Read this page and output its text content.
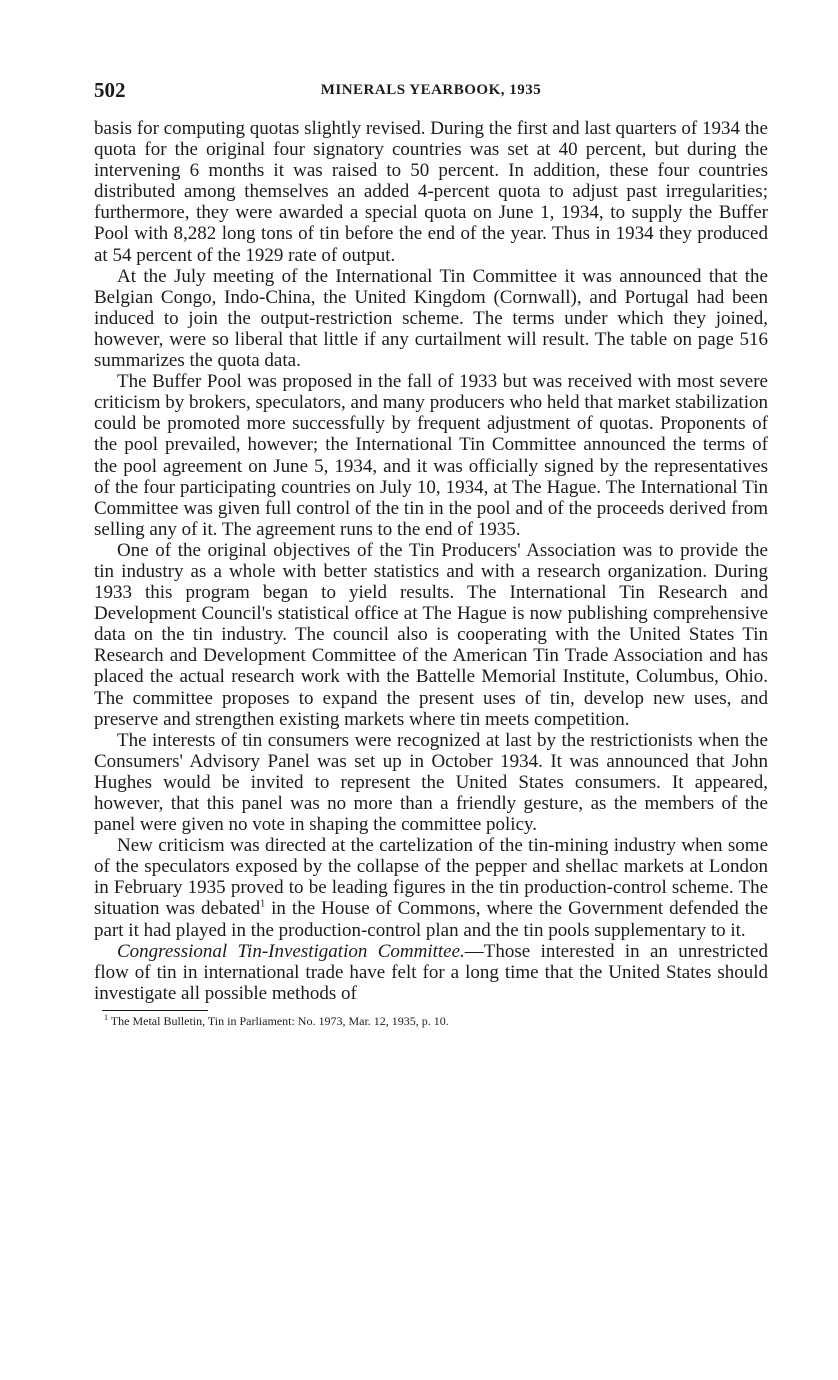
502	MINERALS YEARBOOK, 1935

basis for computing quotas slightly revised. During the first and last quarters of 1934 the quota for the original four signatory countries was set at 40 percent, but during the intervening 6 months it was raised to 50 percent. In addition, these four countries distributed among themselves an added 4-percent quota to adjust past irregularities; furthermore, they were awarded a special quota on June 1, 1934, to supply the Buffer Pool with 8,282 long tons of tin before the end of the year. Thus in 1934 they produced at 54 percent of the 1929 rate of output.

At the July meeting of the International Tin Committee it was announced that the Belgian Congo, Indo-China, the United Kingdom (Cornwall), and Portugal had been induced to join the output-restriction scheme. The terms under which they joined, however, were so liberal that little if any curtailment will result. The table on page 516 summarizes the quota data.

The Buffer Pool was proposed in the fall of 1933 but was received with most severe criticism by brokers, speculators, and many producers who held that market stabilization could be promoted more successfully by frequent adjustment of quotas. Proponents of the pool prevailed, however; the International Tin Committee announced the terms of the pool agreement on June 5, 1934, and it was officially signed by the representatives of the four participating countries on July 10, 1934, at The Hague. The International Tin Committee was given full control of the tin in the pool and of the proceeds derived from selling any of it. The agreement runs to the end of 1935.

One of the original objectives of the Tin Producers' Association was to provide the tin industry as a whole with better statistics and with a research organization. During 1933 this program began to yield results. The International Tin Research and Development Council's statistical office at The Hague is now publishing comprehensive data on the tin industry. The council also is cooperating with the United States Tin Research and Development Committee of the American Tin Trade Association and has placed the actual research work with the Battelle Memorial Institute, Columbus, Ohio. The committee proposes to expand the present uses of tin, develop new uses, and preserve and strengthen existing markets where tin meets competition.

The interests of tin consumers were recognized at last by the restrictionists when the Consumers' Advisory Panel was set up in October 1934. It was announced that John Hughes would be invited to represent the United States consumers. It appeared, however, that this panel was no more than a friendly gesture, as the members of the panel were given no vote in shaping the committee policy.

New criticism was directed at the cartelization of the tin-mining industry when some of the speculators exposed by the collapse of the pepper and shellac markets at London in February 1935 proved to be leading figures in the tin production-control scheme. The situation was debated$^1$ in the House of Commons, where the Government defended the part it had played in the production-control plan and the tin pools supplementary to it.

Congressional Tin-Investigation Committee.—Those interested in an unrestricted flow of tin in international trade have felt for a long time that the United States should investigate all possible methods of

$^1$ The Metal Bulletin, Tin in Parliament: No. 1973, Mar. 12, 1935, p. 10.
